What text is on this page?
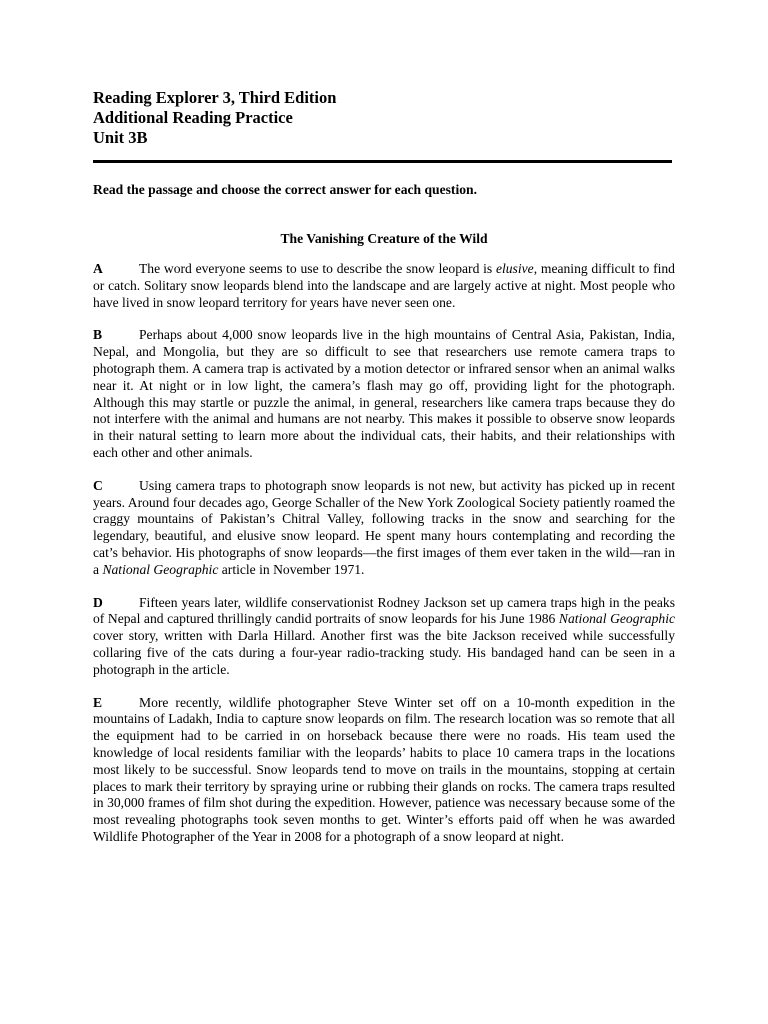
Reading Explorer 3, Third Edition

Additional Reading Practice

Unit 3B

Read the passage and choose the correct answer for each question.
The Vanishing Creature of the Wild
A	The word everyone seems to use to describe the snow leopard is elusive, meaning difficult to find or catch. Solitary snow leopards blend into the landscape and are largely active at night. Most people who have lived in snow leopard territory for years have never seen one.
B	Perhaps about 4,000 snow leopards live in the high mountains of Central Asia, Pakistan, India, Nepal, and Mongolia, but they are so difficult to see that researchers use remote camera traps to photograph them. A camera trap is activated by a motion detector or infrared sensor when an animal walks near it. At night or in low light, the camera’s flash may go off, providing light for the photograph. Although this may startle or puzzle the animal, in general, researchers like camera traps because they do not interfere with the animal and humans are not nearby. This makes it possible to observe snow leopards in their natural setting to learn more about the individual cats, their habits, and their relationships with each other and other animals.
C	Using camera traps to photograph snow leopards is not new, but activity has picked up in recent years. Around four decades ago, George Schaller of the New York Zoological Society patiently roamed the craggy mountains of Pakistan’s Chitral Valley, following tracks in the snow and searching for the legendary, beautiful, and elusive snow leopard. He spent many hours contemplating and recording the cat’s behavior. His photographs of snow leopards—the first images of them ever taken in the wild—ran in a National Geographic article in November 1971.
D	Fifteen years later, wildlife conservationist Rodney Jackson set up camera traps high in the peaks of Nepal and captured thrillingly candid portraits of snow leopards for his June 1986 National Geographic cover story, written with Darla Hillard. Another first was the bite Jackson received while successfully collaring five of the cats during a four-year radio-tracking study. His bandaged hand can be seen in a photograph in the article.
E	More recently, wildlife photographer Steve Winter set off on a 10-month expedition in the mountains of Ladakh, India to capture snow leopards on film. The research location was so remote that all the equipment had to be carried in on horseback because there were no roads. His team used the knowledge of local residents familiar with the leopards’ habits to place 10 camera traps in the locations most likely to be successful. Snow leopards tend to move on trails in the mountains, stopping at certain places to mark their territory by spraying urine or rubbing their glands on rocks. The camera traps resulted in 30,000 frames of film shot during the expedition. However, patience was necessary because some of the most revealing photographs took seven months to get. Winter’s efforts paid off when he was awarded Wildlife Photographer of the Year in 2008 for a photograph of a snow leopard at night.
